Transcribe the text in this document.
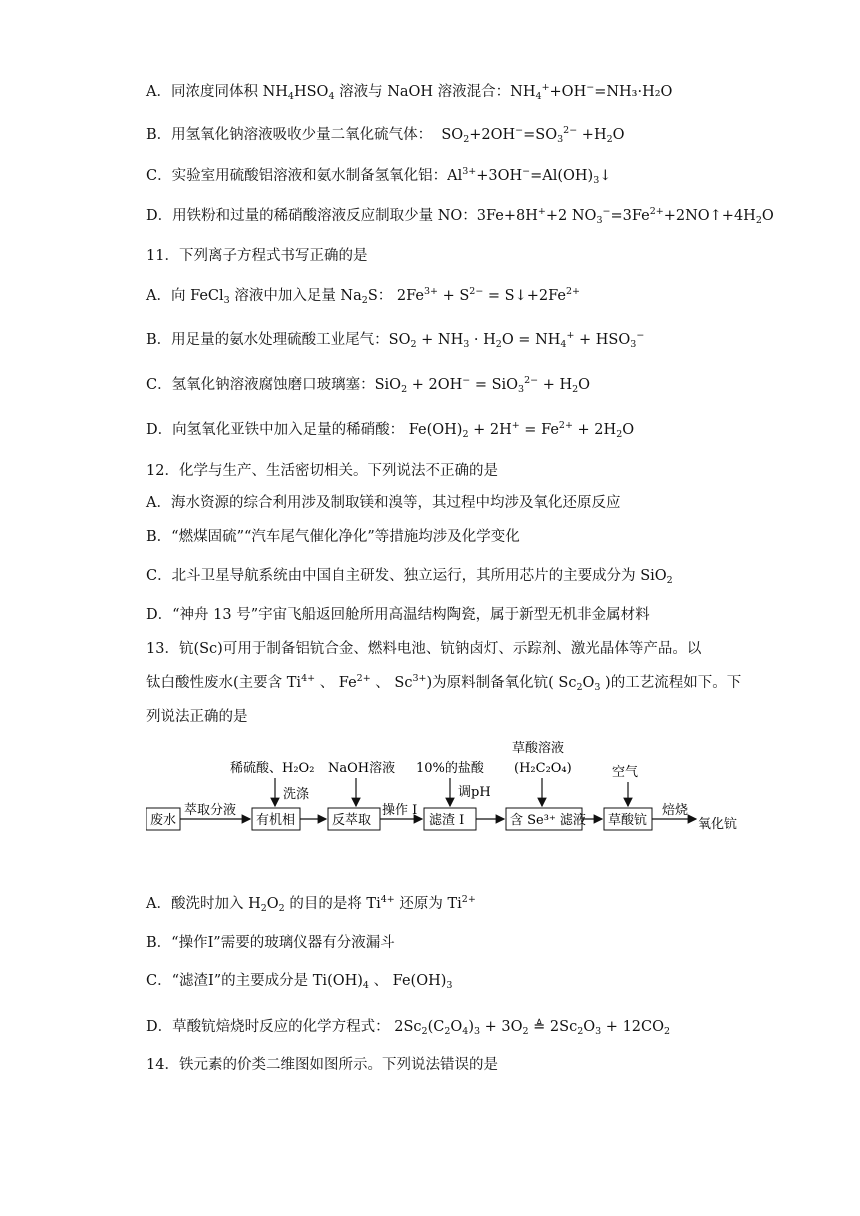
A．同浓度同体积 $NH_4HSO_4$ 溶液与 NaOH 溶液混合：$NH_4^++OH^-=NH_3\cdot H_2O$
B．用氢氧化钠溶液吸收少量二氧化硫气体： $SO_2+2OH^-=SO_3^{2-} +H_2O$
C．实验室用硫酸铝溶液和氨水制备氢氧化铝：$Al^{3+}+3OH^-=Al(OH)_3↓$
D．用铁粉和过量的稀硝酸溶液反应制取少量 NO：3Fe+8H++2 $NO_3^-=3Fe^{2+}+2NO↑+4H_2O$
11．下列离子方程式书写正确的是
A．向 FeCl$_3$ 溶液中加入足量 $Na_2S$： $2Fe^{3+} + S^{2-}$ = $S↓+2Fe^{2+}$
B．用足量的氨水处理硫酸工业尾气：$SO_2 + NH_3 \cdot H_2O = NH_4^+ + HSO_3^-$
C．氢氧化钠溶液腐蚀磨口玻璃塞：$SiO_2 + 2OH^- = SiO_3^{2-} + H_2O$
D．向氢氧化亚铁中加入足量的稀硝酸： $Fe(OH)_2 + 2H^+ = Fe^{2+} + 2H_2O$
12．化学与生产、生活密切相关。下列说法不正确的是
A．海水资源的综合利用涉及制取镁和溴等，其过程中均涉及氧化还原反应
B．“燃煤固硫”“汽车尾气催化净化”等措施均涉及化学变化
C．北斗卫星导航系统由中国自主研发、独立运行，其所用芯片的主要成分为 SiO$_2$
D．“神舟 13 号”宇宙飞船返回舱所用高温结构陶瓷，属于新型无机非金属材料
13．钪(Sc)可用于制备铝钪合金、燃料电池、钪钠卤灯、示踪剂、激光晶体等产品。以
钛白酸性废水(主要含 $Ti^{4+}$ 、 $Fe^{2+}$ 、 $Sc^{3+}$)为原料制备氧化钪( $Sc_2O_3$ )的工艺流程如下。下
列说法正确的是
稀硫酸、H₂O₂ NaOH溶液 10%的盐酸
草酸溶液
(H₂C₂O₄)	空气
洗涤	调pH
废水
萃取分液
有机相	反萃取
操作 Ⅰ
滤渣 Ⅰ	含 Se³⁺ 滤液 草酸钪
焙烧
氧化钪
A．酸洗时加入 $H_2O_2$ 的目的是将 $Ti^{4+}$ 还原为 $Ti^{2+}$
B．“操作Ⅰ”需要的玻璃仪器有分液漏斗
C．“滤渣Ⅰ”的主要成分是 $Ti(OH)_4$ 、 $Fe(OH)_3$
D．草酸钪焙烧时反应的化学方程式： $2Sc_2(C_2O_4)_3 + 3O_2$ ≜ $2Sc_2O_3 + 12CO_2$
14．铁元素的价类二维图如图所示。下列说法错误的是
